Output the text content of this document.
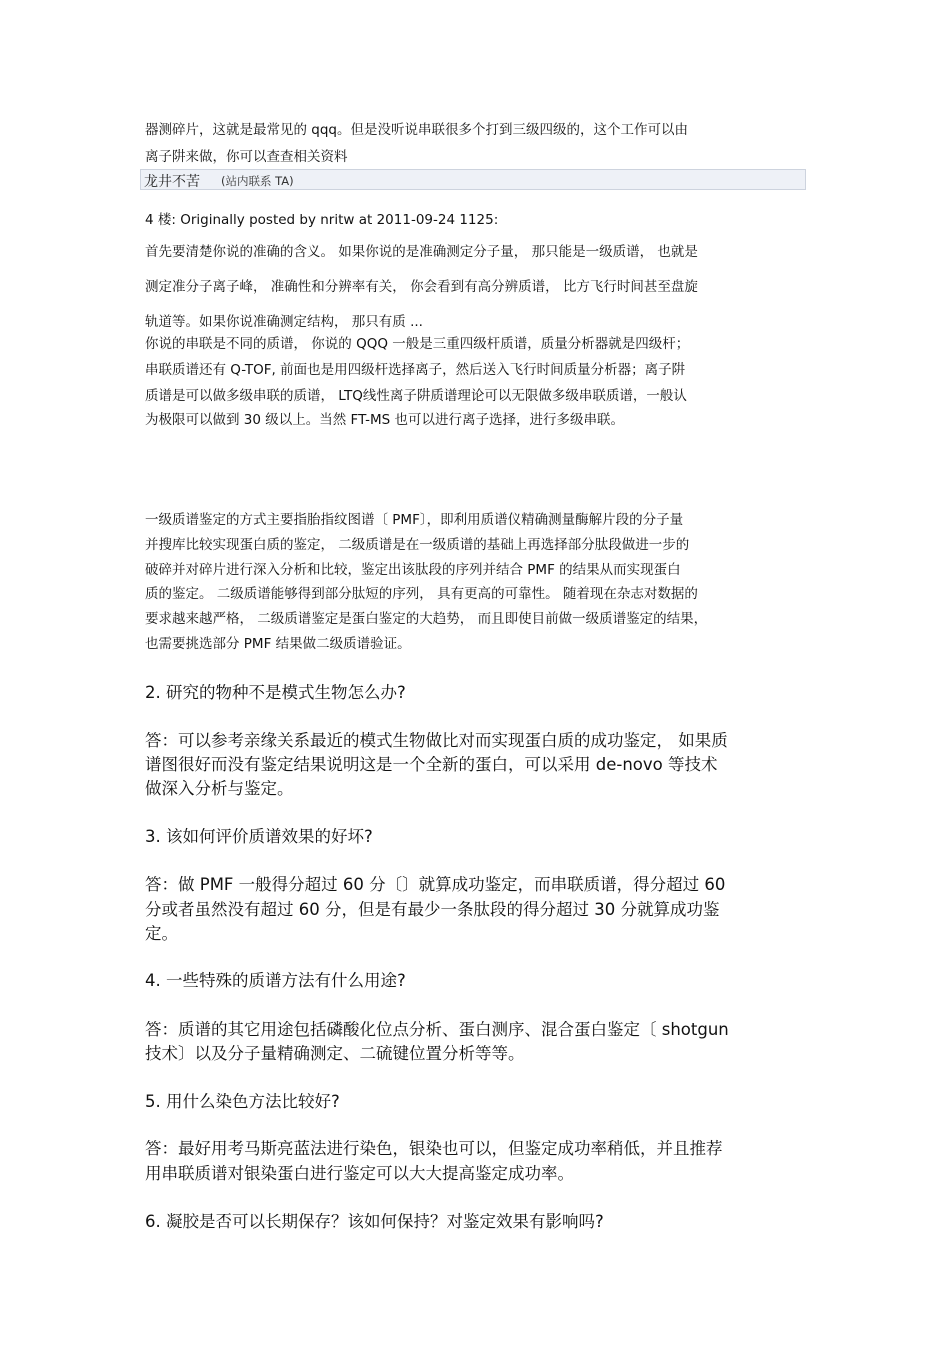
器测碎片，这就是最常见的 qqq。但是没听说串联很多个打到三级四级的，这个工作可以由
离子阱来做，你可以查查相关资料
龙井不苦 (站内联系 TA)
4 楼: Originally posted by nritw at 2011-09-24 1125:
首先要清楚你说的准确的含义。 如果你说的是准确测定分子量， 那只能是一级质谱， 也就是
测定准分子离子峰， 准确性和分辨率有关， 你会看到有高分辨质谱， 比方飞行时间甚至盘旋
轨道等。如果你说准确测定结构， 那只有质 ...
你说的串联是不同的质谱， 你说的 QQQ 一般是三重四级杆质谱，质量分析器就是四级杆；
串联质谱还有 Q-TOF, 前面也是用四级杆选择离子，然后送入飞行时间质量分析器；离子阱
质谱是可以做多级串联的质谱， LTQ线性离子阱质谱理论可以无限做多级串联质谱，一般认
为极限可以做到 30 级以上。当然 FT-MS 也可以进行离子选择，进行多级串联。
一级质谱鉴定的方式主要指胎指纹图谱〔 PMF〕，即利用质谱仪精确测量酶解片段的分子量
并搜库比较实现蛋白质的鉴定， 二级质谱是在一级质谱的基础上再选择部分肽段做进一步的
破碎并对碎片进行深入分析和比较，鉴定出该肽段的序列并结合 PMF 的结果从而实现蛋白
质的鉴定。 二级质谱能够得到部分肽短的序列， 具有更高的可靠性。 随着现在杂志对数据的
要求越来越严格， 二级质谱鉴定是蛋白鉴定的大趋势， 而且即使目前做一级质谱鉴定的结果，
也需要挑选部分 PMF 结果做二级质谱验证。
2. 研究的物种不是模式生物怎么办?
答：可以参考亲缘关系最近的模式生物做比对而实现蛋白质的成功鉴定， 如果质
谱图很好而没有鉴定结果说明这是一个全新的蛋白，可以采用 de-novo 等技术
做深入分析与鉴定。
3. 该如何评价质谱效果的好坏?
答：做 PMF 一般得分超过 60 分〔〕就算成功鉴定，而串联质谱，得分超过 60
分或者虽然没有超过 60 分，但是有最少一条肽段的得分超过 30 分就算成功鉴
定。
4. 一些特殊的质谱方法有什么用途?
答：质谱的其它用途包括磷酸化位点分析、蛋白测序、混合蛋白鉴定〔 shotgun
技术〕以及分子量精确测定、二硫键位置分析等等。
5. 用什么染色方法比较好?
答：最好用考马斯亮蓝法进行染色，银染也可以，但鉴定成功率稍低，并且推荐
用串联质谱对银染蛋白进行鉴定可以大大提高鉴定成功率。
6. 凝胶是否可以长期保存？该如何保持？对鉴定效果有影响吗?
